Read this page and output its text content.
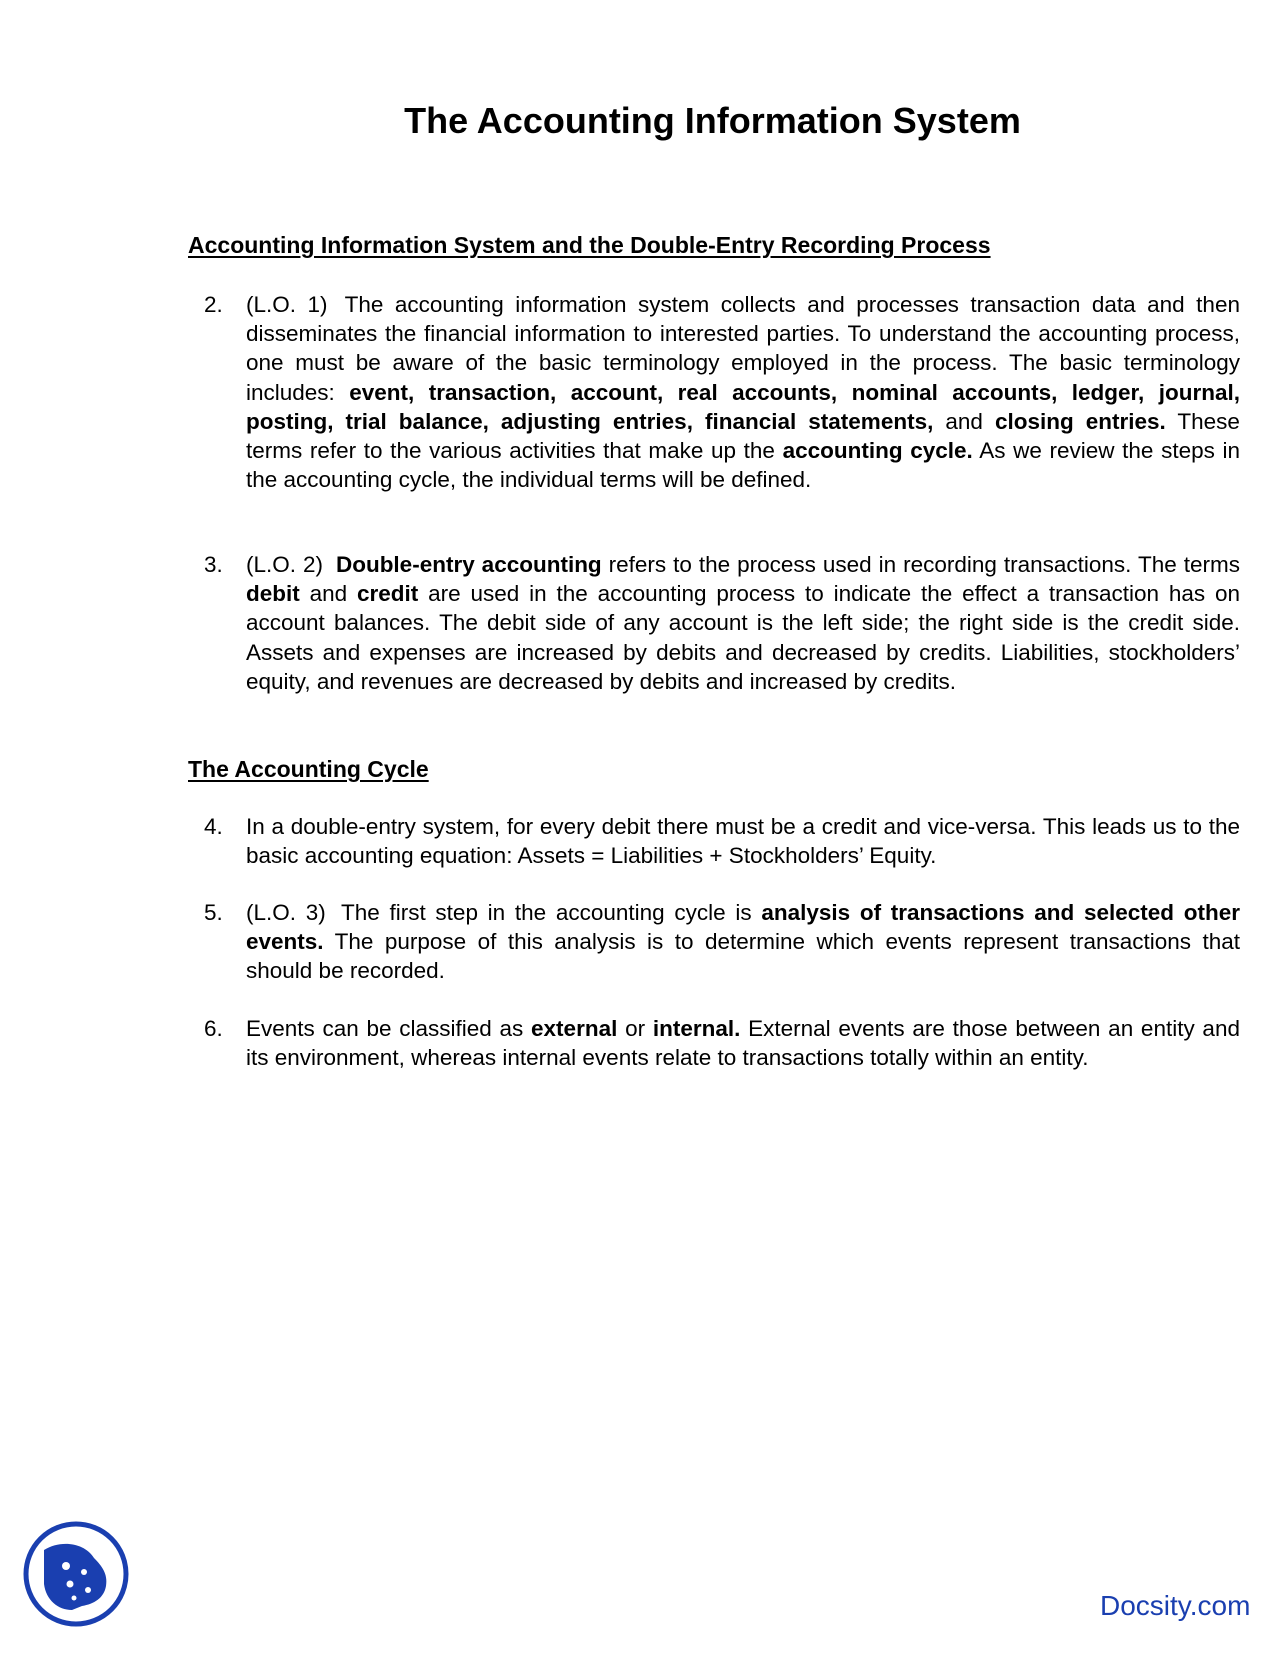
The Accounting Information System
Accounting Information System and the Double-Entry Recording Process
2. (L.O. 1) The accounting information system collects and processes transaction data and then disseminates the financial information to interested parties. To understand the accounting process, one must be aware of the basic terminology employed in the process. The basic terminology includes: event, transaction, account, real accounts, nominal accounts, ledger, journal, posting, trial balance, adjusting entries, financial statements, and closing entries. These terms refer to the various activities that make up the accounting cycle. As we review the steps in the accounting cycle, the individual terms will be defined.
3. (L.O. 2) Double-entry accounting refers to the process used in recording transactions. The terms debit and credit are used in the accounting process to indicate the effect a transaction has on account balances. The debit side of any account is the left side; the right side is the credit side. Assets and expenses are increased by debits and decreased by credits. Liabilities, stockholders’ equity, and revenues are decreased by debits and increased by credits.
The Accounting Cycle
4. In a double-entry system, for every debit there must be a credit and vice-versa. This leads us to the basic accounting equation: Assets = Liabilities + Stockholders’ Equity.
5. (L.O. 3) The first step in the accounting cycle is analysis of transactions and selected other events. The purpose of this analysis is to determine which events represent transactions that should be recorded.
6. Events can be classified as external or internal. External events are those between an entity and its environment, whereas internal events relate to transactions totally within an entity.
Docsity.com
